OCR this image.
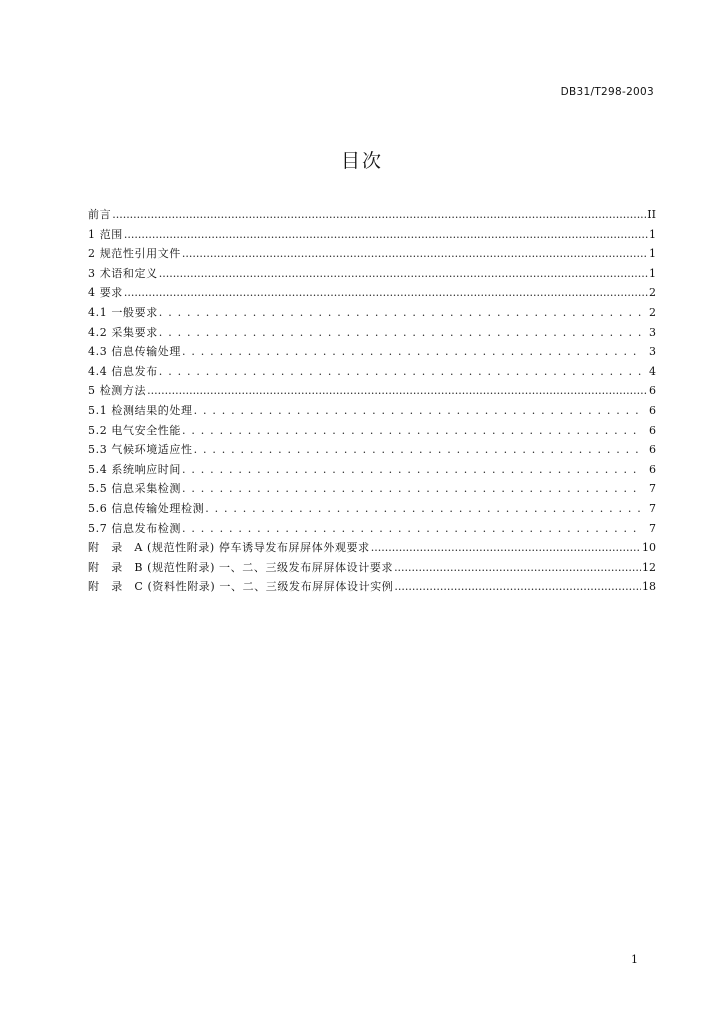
DB31/T298-2003
目次
前言 .....	II
1 范围 .....	1
2 规范性引用文件 .....	1
3 术语和定义 .....	1
4 要求 .....	2
4.1 一般要求 . . .	2
4.2 采集要求 . . .	3
4.3 信息传输处理 . . .	3
4.4 信息发布 . . .	4
5 检测方法 .....	6
5.1 检测结果的处理 . . .	6
5.2 电气安全性能 . . .	6
5.3 气候环境适应性 . . .	6
5.4 系统响应时间 . . .	6
5.5 信息采集检测 . . .	7
5.6 信息传输处理检测 . . .	7
5.7 信息发布检测 . . .	7
附　录　A (规范性附录) 停车诱导发布屏屏体外观要求 .....	10
附　录　B (规范性附录) 一、二、三级发布屏屏体设计要求 .....	12
附　录　C (资料性附录) 一、二、三级发布屏屏体设计实例 .....	18
1
